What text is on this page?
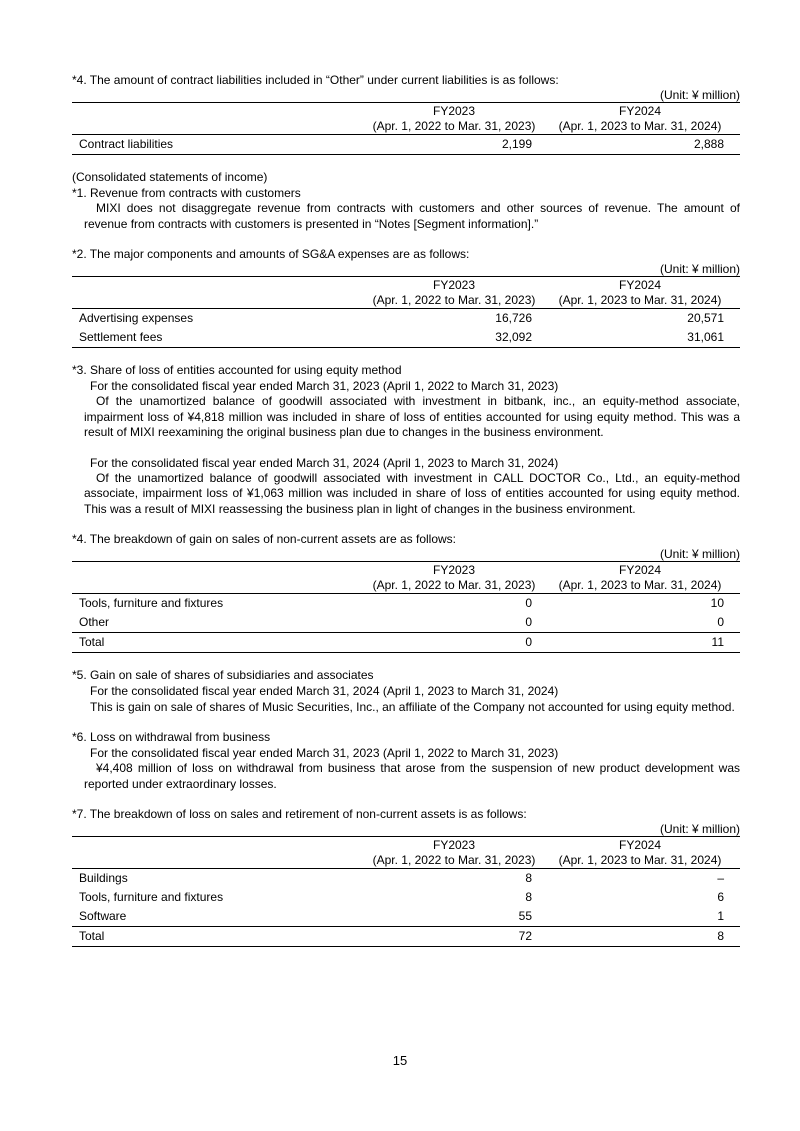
*4. The amount of contract liabilities included in “Other” under current liabilities is as follows:
(Unit: ¥ million)
	FY2023	FY2024
	(Apr. 1, 2022 to Mar. 31, 2023)	(Apr. 1, 2023 to Mar. 31, 2024)
Contract liabilities	2,199	2,888
(Consolidated statements of income)
*1. Revenue from contracts with customers
MIXI does not disaggregate revenue from contracts with customers and other sources of revenue. The amount of revenue from contracts with customers is presented in “Notes [Segment information].”
*2. The major components and amounts of SG&A expenses are as follows:
(Unit: ¥ million)
	FY2023	FY2024
	(Apr. 1, 2022 to Mar. 31, 2023)	(Apr. 1, 2023 to Mar. 31, 2024)
Advertising expenses	16,726	20,571
Settlement fees	32,092	31,061
*3. Share of loss of entities accounted for using equity method
For the consolidated fiscal year ended March 31, 2023 (April 1, 2022 to March 31, 2023)
Of the unamortized balance of goodwill associated with investment in bitbank, inc., an equity-method associate, impairment loss of ¥4,818 million was included in share of loss of entities accounted for using equity method. This was a result of MIXI reexamining the original business plan due to changes in the business environment.
For the consolidated fiscal year ended March 31, 2024 (April 1, 2023 to March 31, 2024)
Of the unamortized balance of goodwill associated with investment in CALL DOCTOR Co., Ltd., an equity-method associate, impairment loss of ¥1,063 million was included in share of loss of entities accounted for using equity method. This was a result of MIXI reassessing the business plan in light of changes in the business environment.
*4. The breakdown of gain on sales of non-current assets are as follows:
(Unit: ¥ million)
	FY2023	FY2024
	(Apr. 1, 2022 to Mar. 31, 2023)	(Apr. 1, 2023 to Mar. 31, 2024)
Tools, furniture and fixtures	0	10
Other	0	0
Total	0	11
*5. Gain on sale of shares of subsidiaries and associates
For the consolidated fiscal year ended March 31, 2024 (April 1, 2023 to March 31, 2024)
This is gain on sale of shares of Music Securities, Inc., an affiliate of the Company not accounted for using equity method.
*6. Loss on withdrawal from business
For the consolidated fiscal year ended March 31, 2023 (April 1, 2022 to March 31, 2023)
¥4,408 million of loss on withdrawal from business that arose from the suspension of new product development was reported under extraordinary losses.
*7. The breakdown of loss on sales and retirement of non-current assets is as follows:
(Unit: ¥ million)
	FY2023	FY2024
	(Apr. 1, 2022 to Mar. 31, 2023)	(Apr. 1, 2023 to Mar. 31, 2024)
Buildings	8	–
Tools, furniture and fixtures	8	6
Software	55	1
Total	72	8
15
